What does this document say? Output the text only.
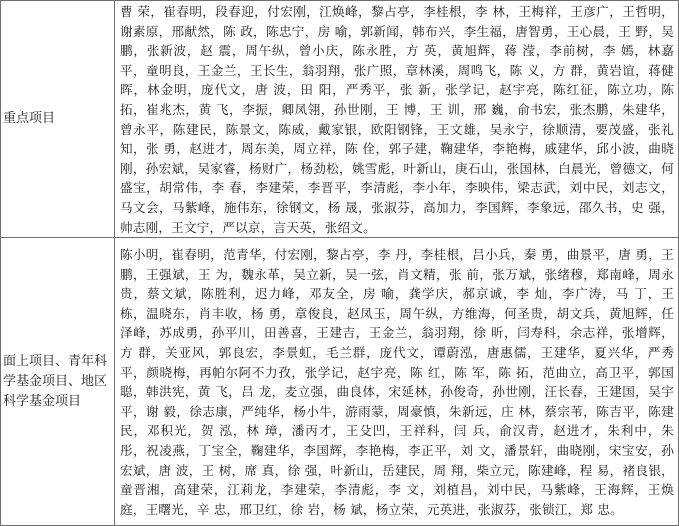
重点项目	曹 荣，崔春明，段春迎，付宏刚，江焕峰，黎占亭，李桂根，李 林，王梅祥，王彦广，王哲明，谢素原，邢献然，陈 政，陈忠宁，房 喻，郭新闻，韩布兴，李生福，唐智勇，王心晨，王 野，吴 鹏，张新波，赵 震，周午纵，曾小庆，陈永胜，方 英，黄旭辉，蒋 滢，李前树，李 嫣，林嘉平，童明良，王金兰，王长生，翁羽翔，张广照，章林溪，周鸣飞，陈 义，方 群，黄岩谊，蒋健晖，林金明，庞代文，唐 波，田 阳，严秀平，张 新，张学记，赵宇亮，陈红征，陈立功，陈 拓，崔兆杰，黄 飞，李振，卿凤翎，孙世刚，王 博，王 训，邢 巍，俞书宏，张杰鹏，朱建华，曾永平，陈建民，陈景文，陈威，戴家银，欧阳钢锋，王文雄，吴永宁，徐顺清，要茂盛，张礼知，张 勇，赵进才，周东美，周立祥，陈 佺，郭子建，鞠建华，李艳梅，戚建华，邱小波，曲晓刚，孙宏斌，吴家睿，杨财广，杨劲松，姚雪彪，叶新山，庚石山，张国林，白晨光，曾德文，何盛宝，胡常伟，李 春，李建荣，李晋平，李清彪，李小年，李映伟，梁志武，刘中民，刘志文，马文会，马紫峰，施伟东，徐钢文，杨 晟，张淑芬，高加力，李国辉，李象远，邵久书，史 强，帅志刚，王文宁，严以京，言天英，张绍文。
面上项目、青年科学基金项目、地区科学基金项目	陈小明，崔春明，范青华，付宏刚，黎占亭，李 丹，李桂根，吕小兵，秦 勇，曲景平，唐 勇，王鹏，王强斌，王 为，魏永革，吴立新，吴一弦，肖文精，张 前，张万斌，张绪穆，郑南峰，周永贵，蔡文斌，陈胜利，迟力峰，邓友全，房 喻，龚学庆，郝京诚，李 灿，李广涛，马 丁，王 栋，温晓东，肖丰收，杨 勇，章俊良，赵凤玉，周午纵，方维海，何圣贵，胡文兵，黄旭辉，任泽峰，苏成勇，孙平川，田善喜，王建吉，王金兰，翁羽翔，徐 昕，闫寿科，余志祥，张增辉，方 群，关亚风，郭良宏，李景虹，毛兰群，庞代文，谭蔚泓，唐惠儒，王建华，夏兴华，严秀平，颜晓梅，再帕尔阿不力孜，张学记，赵宇亮，陈 红，陈 军，陈 拓，范曲立，高卫平，郭国聪，韩洪宪，黄 飞，吕 龙，麦立强，曲良体，宋延林，孙俊奇，孙世刚，汪长春，王建国，吴宇平，谢 毅，徐志康，严纯华，杨小牛，游雨蒙，周豪慎，朱新远，庄 林，蔡宗苇，陈吉平，陈建民，邓积光，贺 泓，林 璋，潘丙才，王殳凹，王祥科，闫 兵，俞汉青，赵进才，朱利中，朱 彤，祝凌燕，丁宝全，鞠建华，李国辉，李艳梅，李正平，刘 文，潘景轩，曲晓刚，宋宝安，孙宏斌，唐 波，王 树，席 真，徐 强，叶新山，岳建民，周 翔，柴立元，陈建峰，程 易，褚良银，童晋湘，高建荣，江莉龙，李建荣，李清彪，李 文，刘植昌，刘中民，马紫峰，王海辉，王焕庭，王曙光，辛 忠，邢卫红，徐 岩，杨 斌，杨立荣，元英进，张淑芬，张锁江，郑 忠。
